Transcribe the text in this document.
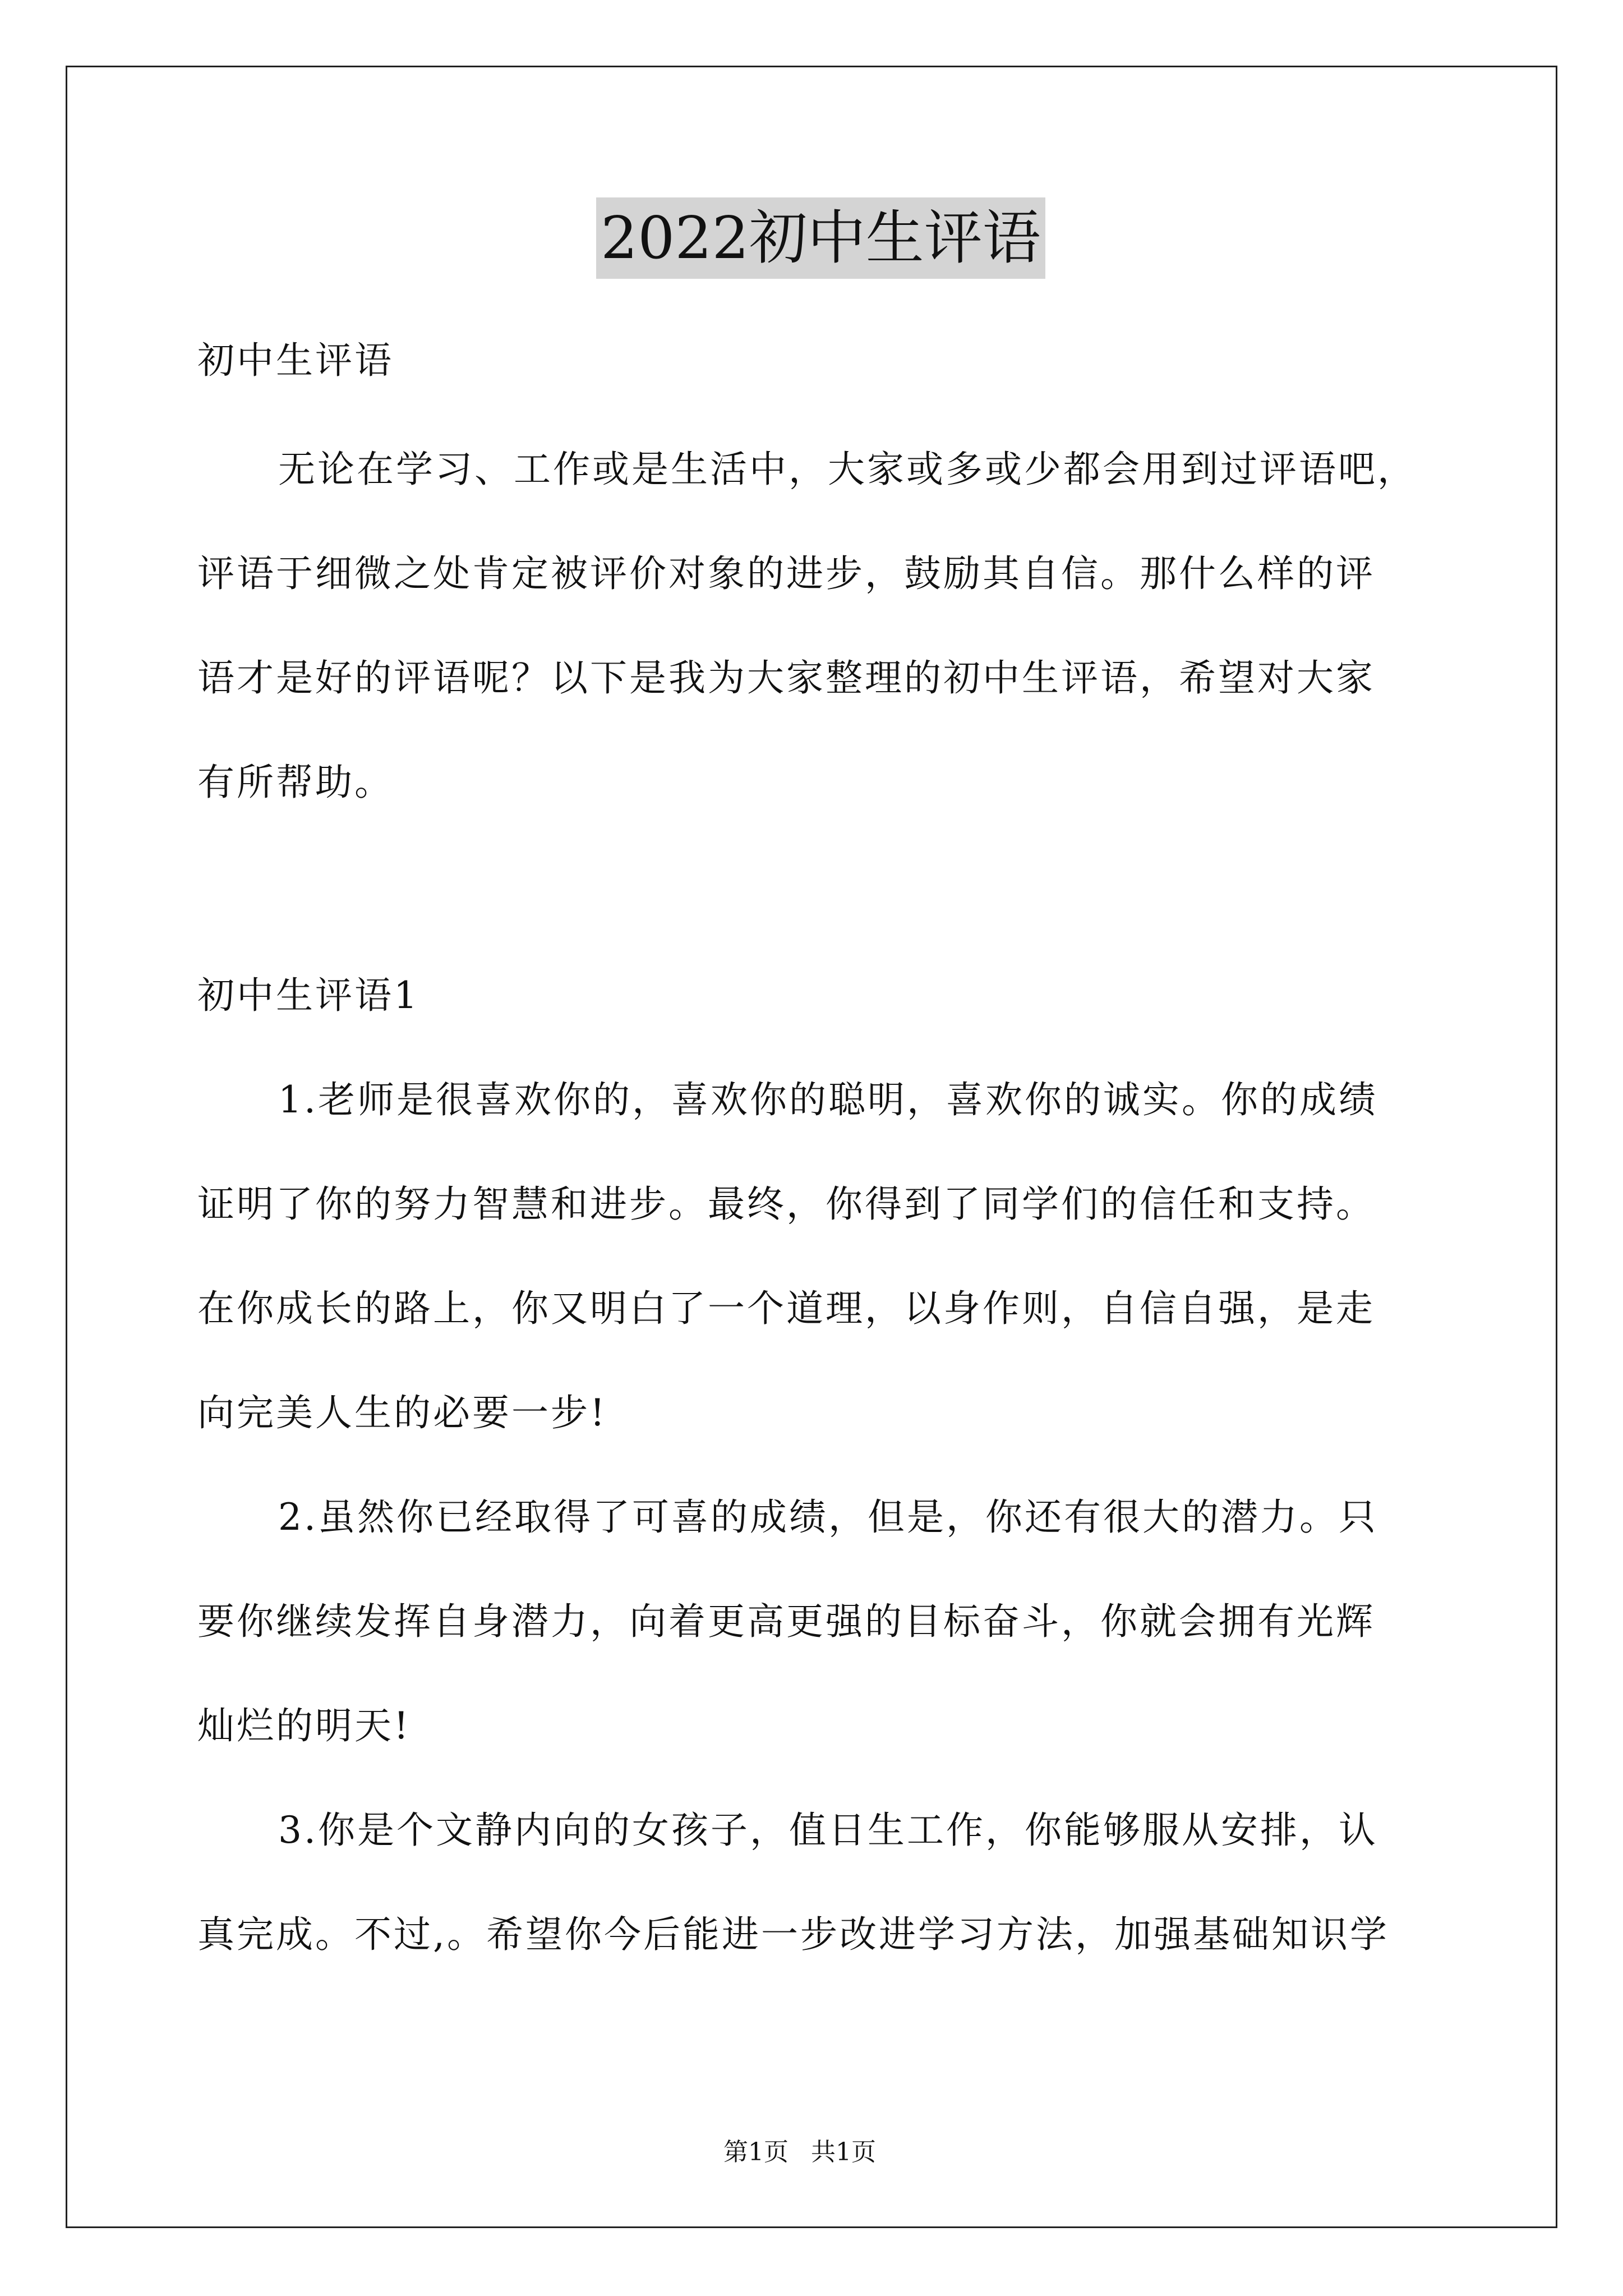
2022初中生评语
初中生评语
无论在学习、工作或是生活中，大家或多或少都会用到过评语吧，
评语于细微之处肯定被评价对象的进步，鼓励其自信。那什么样的评
语才是好的评语呢？以下是我为大家整理的初中生评语，希望对大家
有所帮助。
初中生评语1
1.老师是很喜欢你的，喜欢你的聪明，喜欢你的诚实。你的成绩
证明了你的努力智慧和进步。最终，你得到了同学们的信任和支持。
在你成长的路上，你又明白了一个道理，以身作则，自信自强，是走
向完美人生的必要一步!
2.虽然你已经取得了可喜的成绩，但是，你还有很大的潜力。只
要你继续发挥自身潜力，向着更高更强的目标奋斗，你就会拥有光辉
灿烂的明天!
3.你是个文静内向的女孩子，值日生工作，你能够服从安排，认
真完成。不过,。希望你今后能进一步改进学习方法，加强基础知识学
第1页 共1页
